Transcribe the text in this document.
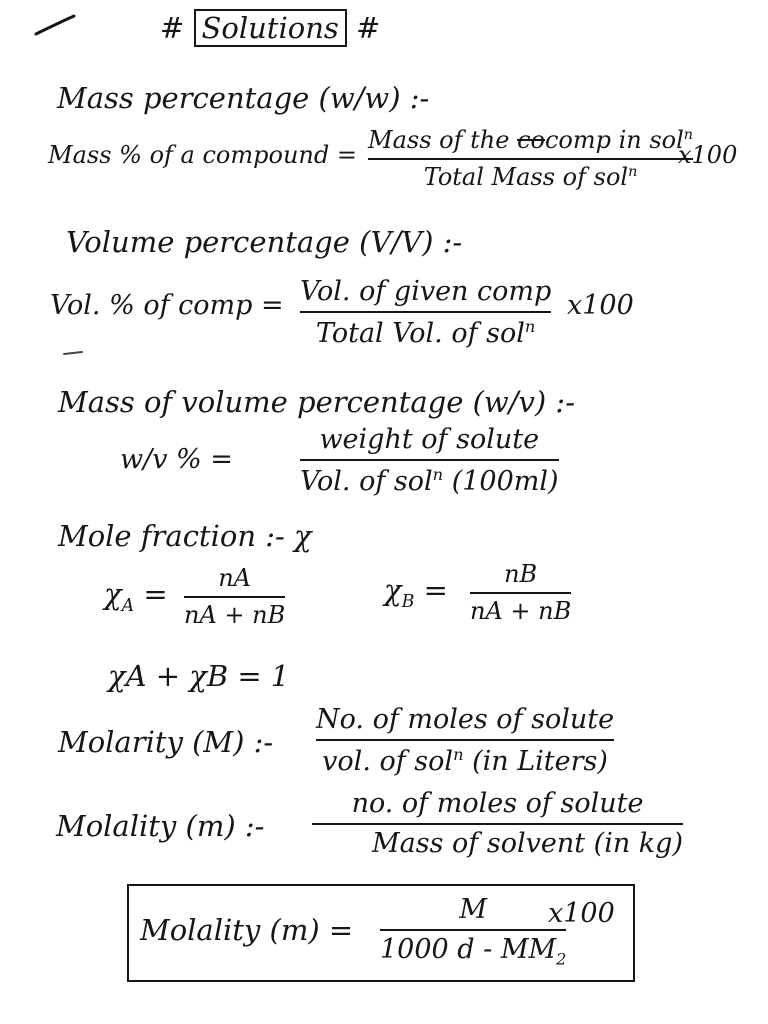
# Solutions #
Mass percentage (w/w) :-
Mass % of a compound =
Mass of the cocomp in sol$^n$
Total Mass of sol$^n$
x100
Volume percentage (V/V) :-
Vol. % of comp = Vol. of given comp
Total Vol. of sol$^n$
x100
Mass of volume percentage (w/v) :-
w/v % =
weight of solute
Vol. of sol$^n$ (100ml)
Mole fraction :- χ
$\chi_A$ = nA
nA + nB
$\chi_B$ = nB
nA + nB
χA + χB = 1
Molarity (M) :-
No. of moles of solute
vol. of sol$^n$ (in Liters)
Molality (m) :-
no. of moles of solute
Mass of solvent (in kg)
Molality (m) =
M
1000 d - $MM_2$
x100
